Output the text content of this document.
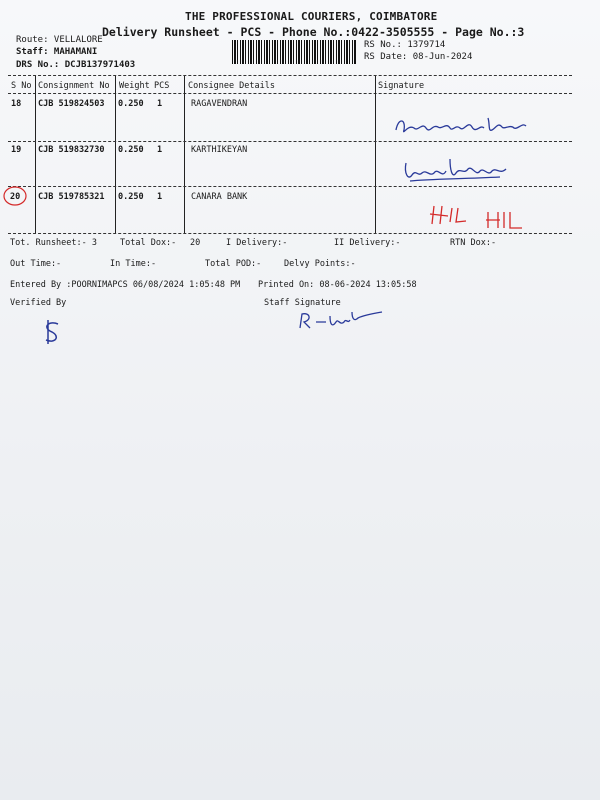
THE PROFESSIONAL COURIERS, COIMBATORE
Delivery Runsheet - PCS - Phone No.:0422-3505555 - Page No.:3
Route: VELLALORE
Staff: MAHAMANI
DRS No.: DCJB137971403
RS No.: 1379714
RS Date: 08-Jun-2024
S No Consignment No Weight PCS Consignee Details	Signature
18 CJB 519824503 0.250 1	RAGAVENDRAN
19 CJB 519832730 0.250 1	KARTHIKEYAN
20 CJB 519785321 0.250 1	CANARA BANK
Tot. Runsheet:- 3	Total Dox:- 20	I Delivery:-	II Delivery:-	RTN Dox:-
Out Time:-	In Time:-	Total POD:-	Delvy Points:-
Entered By :POORNIMAPCS 06/08/2024 1:05:48 PM Printed On: 08-06-2024 13:05:58
Verified By	Staff Signature
